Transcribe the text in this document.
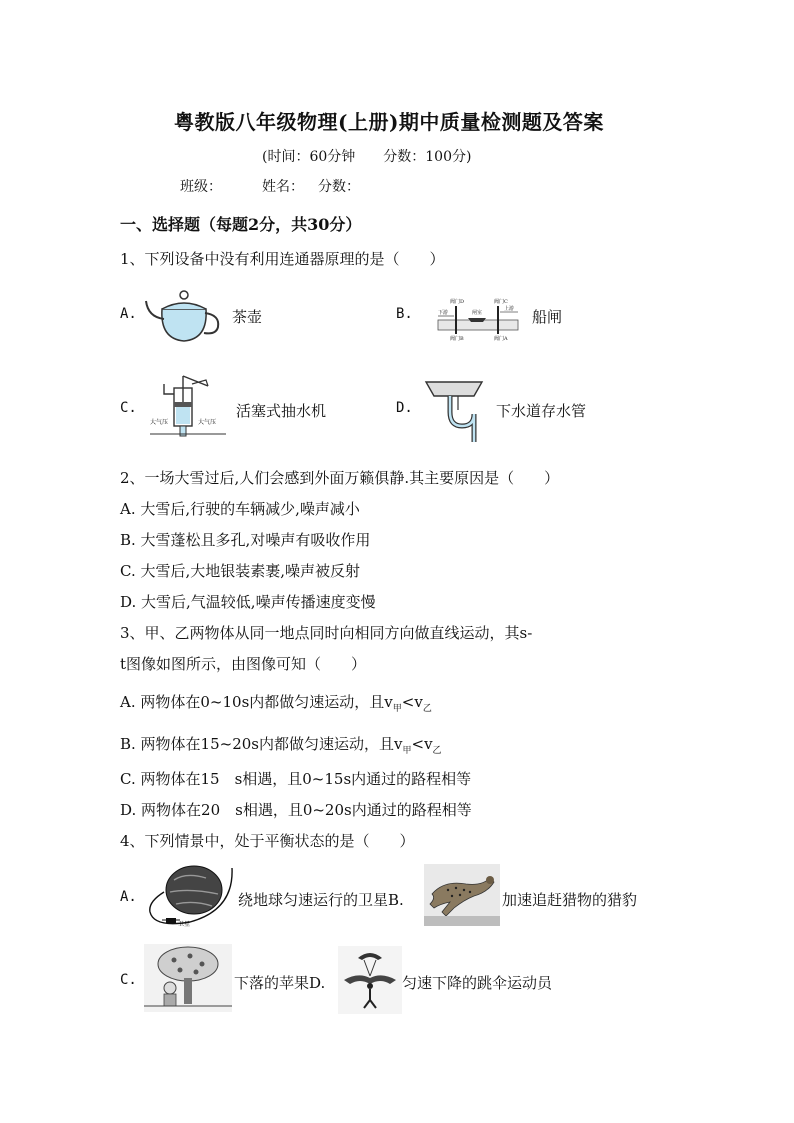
粤教版八年级物理(上册)期中质量检测题及答案
(时间：60分钟　　分数：100分)
班级：	姓名： 分数：
一、选择题（每题2分，共30分）
1、下列设备中没有利用连通器原理的是（　　）
A.	茶壶	B.
阀门D	阀门C
闸室
下游
上游
阀门B	阀门A
船闸
C.
大气压	大气压
活塞式抽水机	D.	下水道存水管
2、一场大雪过后,人们会感到外面万籁俱静.其主要原因是（　　）
A. 大雪后,行驶的车辆减少,噪声减小
B. 大雪蓬松且多孔,对噪声有吸收作用
C. 大雪后,大地银装素裹,噪声被反射
D. 大雪后,气温较低,噪声传播速度变慢
3、甲、乙两物体从同一地点同时向相同方向做直线运动，其s-
t图像如图所示，由图像可知（　　）
A. 两物体在0~10s内都做匀速运动，且$v_甲<v_乙$
B. 两物体在15~20s内都做匀速运动，且$v_甲<v_乙$
C. 两物体在15　s相遇，且0~15s内通过的路程相等
D. 两物体在20　s相遇，且0~20s内通过的路程相等
4、下列情景中，处于平衡状态的是（　　）
A.
卫星
绕地球匀速运行的卫星B.	加速追赶猎物的猎豹
C.	下落的苹果D.	匀速下降的跳伞运动员
